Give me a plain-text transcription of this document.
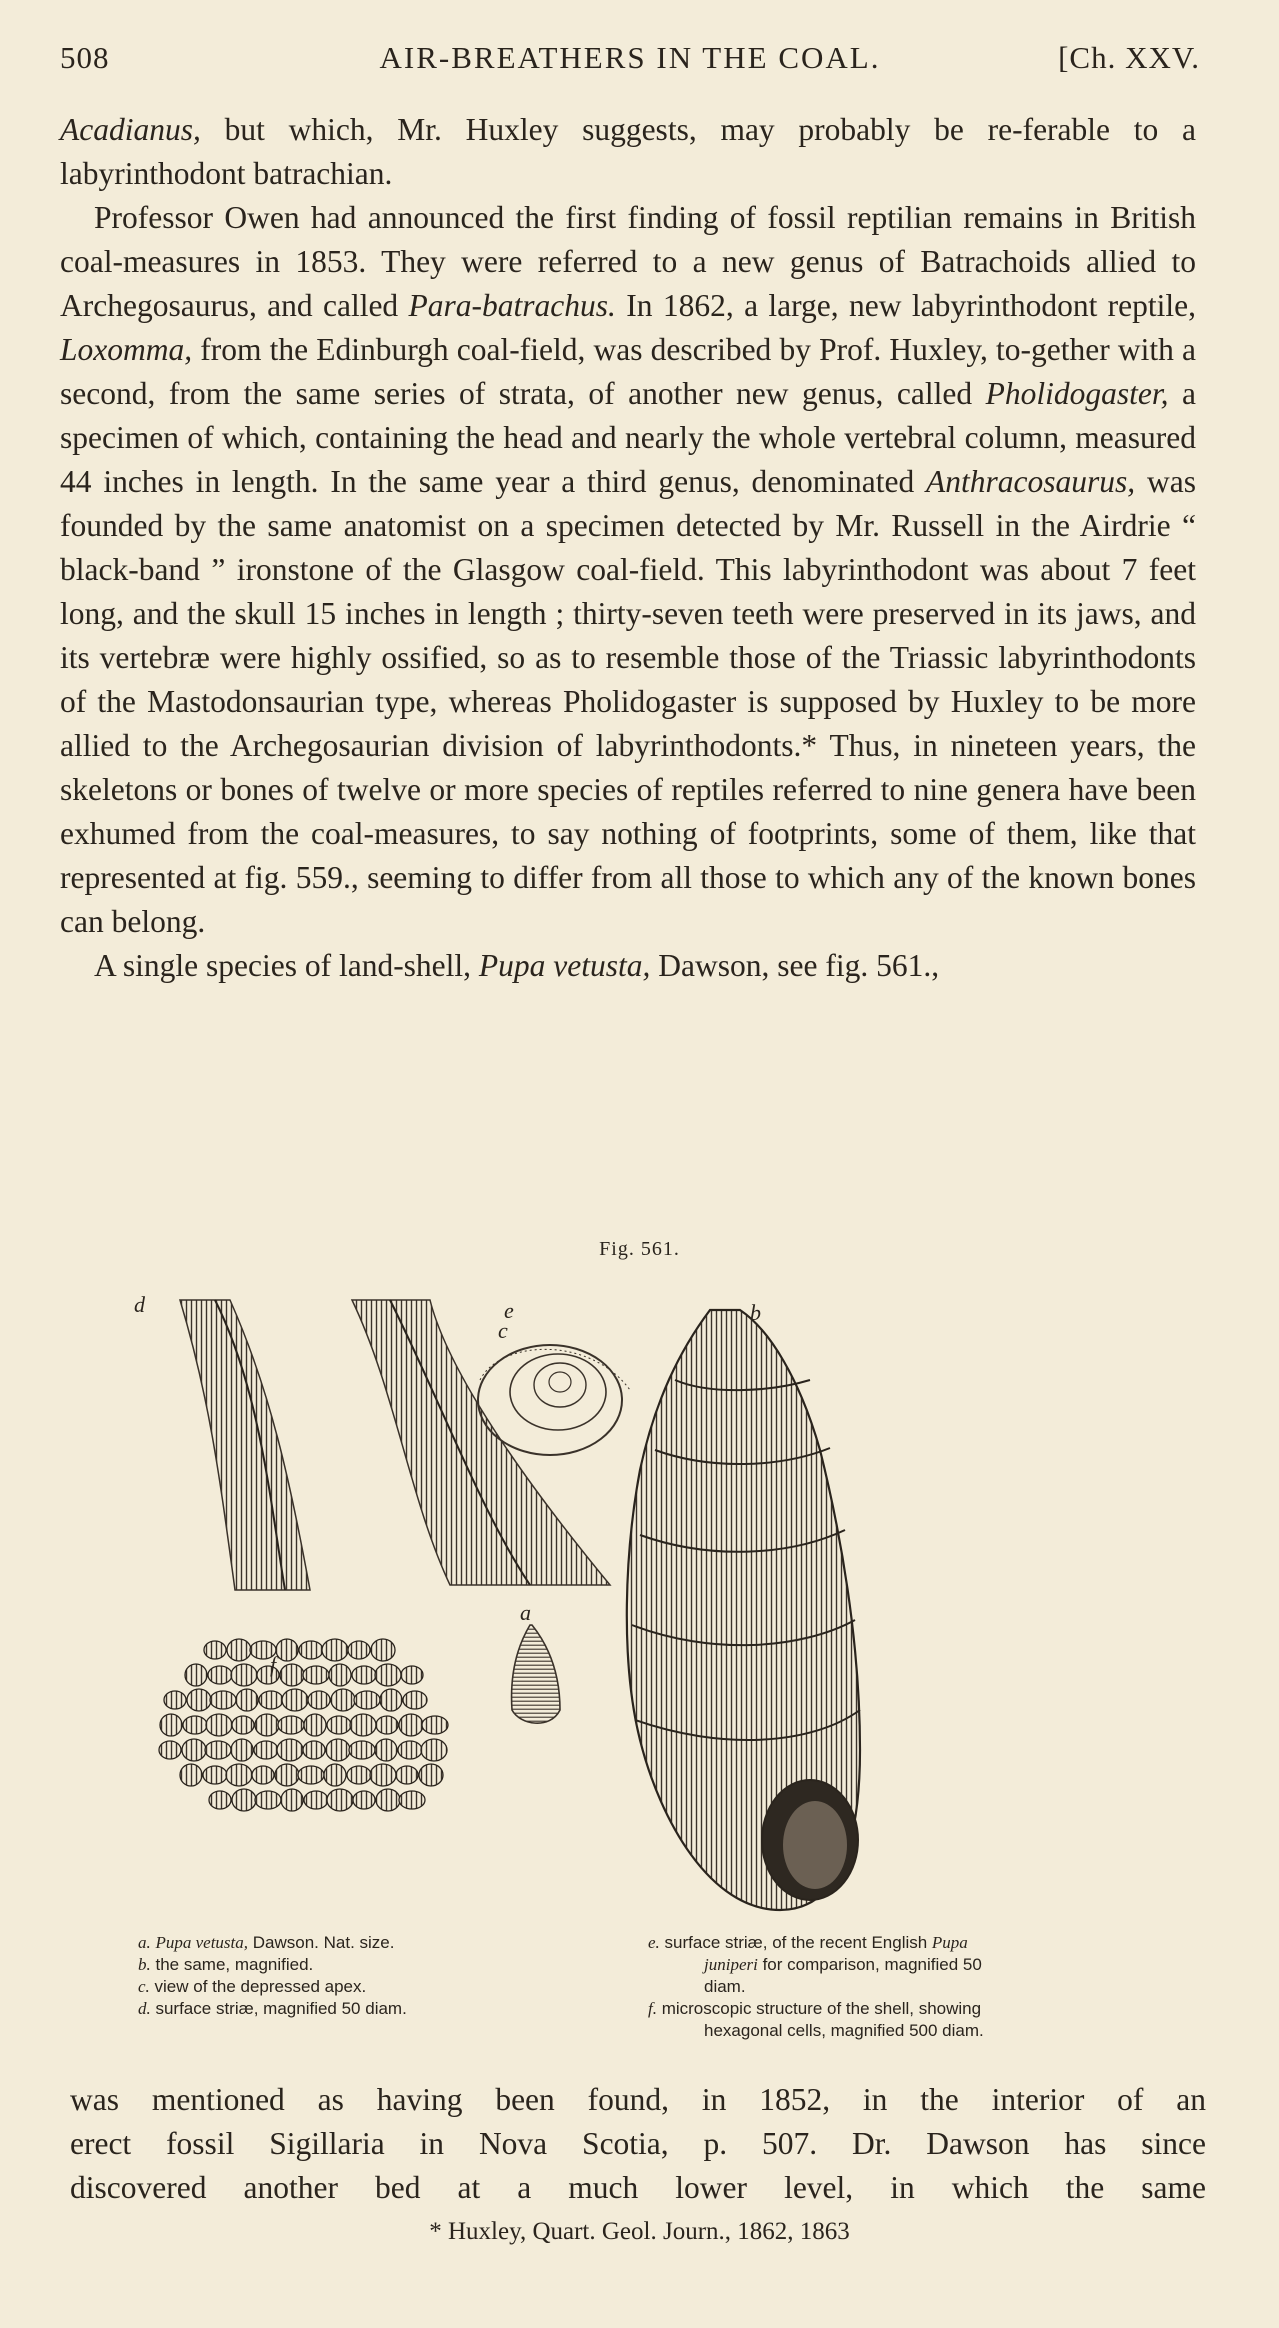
508	AIR-BREATHERS IN THE COAL.	[Ch. XXV.

Acadianus, but which, Mr. Huxley suggests, may probably be re-ferable to a labyrinthodont batrachian.

Professor Owen had announced the first finding of fossil reptilian remains in British coal-measures in 1853. They were referred to a new genus of Batrachoids allied to Archegosaurus, and called Para-batrachus. In 1862, a large, new labyrinthodont reptile, Loxomma, from the Edinburgh coal-field, was described by Prof. Huxley, to-gether with a second, from the same series of strata, of another new genus, called Pholidogaster, a specimen of which, containing the head and nearly the whole vertebral column, measured 44 inches in length. In the same year a third genus, denominated Anthracosaurus, was founded by the same anatomist on a specimen detected by Mr. Russell in the Airdrie “ black-band ” ironstone of the Glasgow coal-field. This labyrinthodont was about 7 feet long, and the skull 15 inches in length ; thirty-seven teeth were preserved in its jaws, and its vertebræ were highly ossified, so as to resemble those of the Triassic labyrinthodonts of the Mastodonsaurian type, whereas Pholidogaster is supposed by Huxley to be more allied to the Archegosaurian division of labyrinthodonts.* Thus, in nineteen years, the skeletons or bones of twelve or more species of reptiles referred to nine genera have been exhumed from the coal-measures, to say nothing of footprints, some of them, like that represented at fig. 559., seeming to differ from all those to which any of the known bones can belong.

A single species of land-shell, Pupa vetusta, Dawson, see fig. 561.,

Fig. 561.
b
c
a
d	e
f
a. Pupa vetusta, Dawson. Nat. size.
b. the same, magnified.
c. view of the depressed apex.
d. surface striæ, magnified 50 diam.
e. surface striæ, of the recent English Pupa
juniperi for comparison, magnified 50
diam.
f. microscopic structure of the shell, showing
hexagonal cells, magnified 500 diam.
was mentioned as having been found, in 1852, in the interior of an
erect fossil Sigillaria in Nova Scotia, p. 507. Dr. Dawson has since
discovered another bed at a much lower level, in which the same
* Huxley, Quart. Geol. Journ., 1862, 1863
